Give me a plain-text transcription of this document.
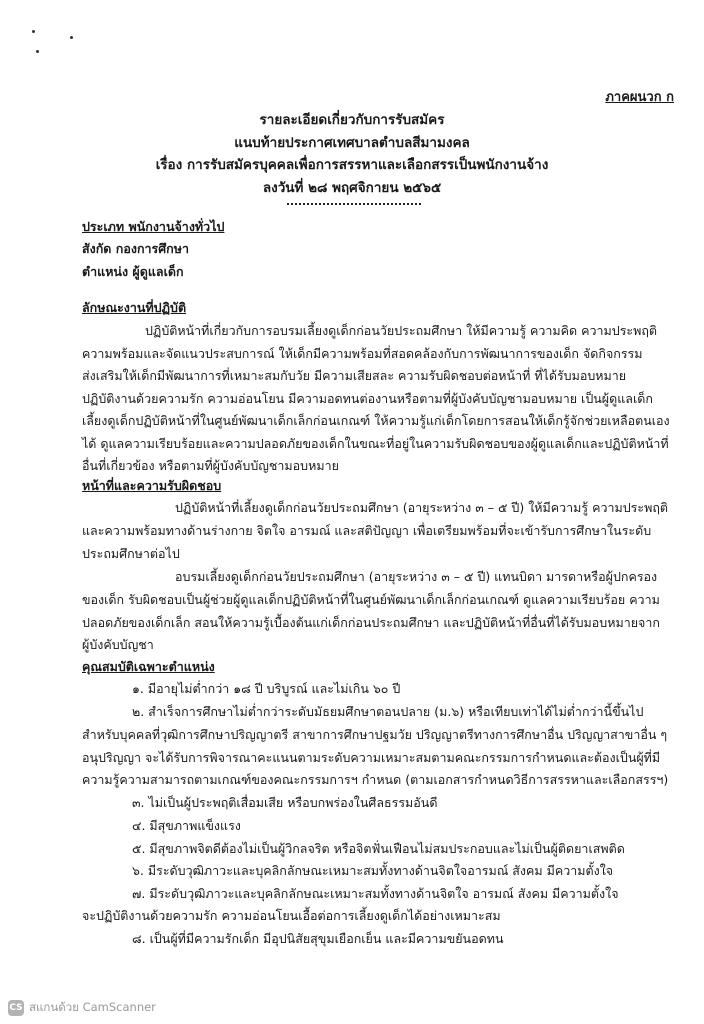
ภาคผนวก ก
รายละเอียดเกี่ยวกับการรับสมัคร
แนบท้ายประกาศเทศบาลตำบลสีมามงคล
เรื่อง การรับสมัครบุคคลเพื่อการสรรหาและเลือกสรรเป็นพนักงานจ้าง
ลงวันที่ ๒๘ พฤศจิกายน ๒๕๖๕
ประเภท พนักงานจ้างทั่วไป
สังกัด กองการศึกษา
ตำแหน่ง ผู้ดูแลเด็ก
ลักษณะงานที่ปฏิบัติ
ปฏิบัติหน้าที่เกี่ยวกับการอบรมเลี้ยงดูเด็กก่อนวัยประถมศึกษา ให้มีความรู้ ความคิด ความประพฤติ
ความพร้อมและจัดแนวประสบการณ์ ให้เด็กมีความพร้อมที่สอดคล้องกับการพัฒนาการของเด็ก จัดกิจกรรม
ส่งเสริมให้เด็กมีพัฒนาการที่เหมาะสมกับวัย มีความเสียสละ ความรับผิดชอบต่อหน้าที่ ที่ได้รับมอบหมาย
ปฏิบัติงานด้วยความรัก ความอ่อนโยน มีความอดทนต่องานหรือตามที่ผู้บังคับบัญชามอบหมาย เป็นผู้ดูแลเด็ก
เลี้ยงดูเด็กปฏิบัติหน้าที่ในศูนย์พัฒนาเด็กเล็กก่อนเกณฑ์ ให้ความรู้แก่เด็กโดยการสอนให้เด็กรู้จักช่วยเหลือตนเอง
ได้ ดูแลความเรียบร้อยและความปลอดภัยของเด็กในขณะที่อยู่ในความรับผิดชอบของผู้ดูแลเด็กและปฏิบัติหน้าที่
อื่นที่เกี่ยวข้อง หรือตามที่ผู้บังคับบัญชามอบหมาย
หน้าที่และความรับผิดชอบ
ปฏิบัติหน้าที่เลี้ยงดูเด็กก่อนวัยประถมศึกษา (อายุระหว่าง ๓ – ๕ ปี) ให้มีความรู้ ความประพฤติ
และความพร้อมทางด้านร่างกาย จิตใจ อารมณ์ และสติปัญญา เพื่อเตรียมพร้อมที่จะเข้ารับการศึกษาในระดับ
ประถมศึกษาต่อไป
อบรมเลี้ยงดูเด็กก่อนวัยประถมศึกษา (อายุระหว่าง ๓ – ๕ ปี) แทนบิดา มารดาหรือผู้ปกครอง
ของเด็ก รับผิดชอบเป็นผู้ช่วยผู้ดูแลเด็กปฏิบัติหน้าที่ในศูนย์พัฒนาเด็กเล็กก่อนเกณฑ์ ดูแลความเรียบร้อย ความ
ปลอดภัยของเด็กเล็ก สอนให้ความรู้เบื้องต้นแก่เด็กก่อนประถมศึกษา และปฏิบัติหน้าที่อื่นที่ได้รับมอบหมายจาก
ผู้บังคับบัญชา
คุณสมบัติเฉพาะตำแหน่ง
๑. มีอายุไม่ต่ำกว่า ๑๘ ปี บริบูรณ์ และไม่เกิน ๖๐ ปี
๒. สำเร็จการศึกษาไม่ต่ำกว่าระดับมัธยมศึกษาตอนปลาย (ม.๖) หรือเทียบเท่าได้ไม่ต่ำกว่านี้ขึ้นไป
สำหรับบุคคลที่วุฒิการศึกษาปริญญาตรี สาขาการศึกษาปฐมวัย ปริญญาตรีทางการศึกษาอื่น ปริญญาสาขาอื่น ๆ
อนุปริญญา จะได้รับการพิจารณาคะแนนตามระดับความเหมาะสมตามคณะกรรมการกำหนดและต้องเป็นผู้ที่มี
ความรู้ความสามารถตามเกณฑ์ของคณะกรรมการฯ กำหนด (ตามเอกสารกำหนดวิธีการสรรหาและเลือกสรรฯ)
๓. ไม่เป็นผู้ประพฤติเสื่อมเสีย หรือบกพร่องในศีลธรรมอันดี
๔. มีสุขภาพแข็งแรง
๕. มีสุขภาพจิตดีต้องไม่เป็นผู้วิกลจริต หรือจิตฟั่นเฟือนไม่สมประกอบและไม่เป็นผู้ติดยาเสพติด
๖. มีระดับวุฒิภาวะและบุคลิกลักษณะเหมาะสมทั้งทางด้านจิตใจอารมณ์ สังคม มีความตั้งใจ
๗. มีระดับวุฒิภาวะและบุคลิกลักษณะเหมาะสมทั้งทางด้านจิตใจ อารมณ์ สังคม มีความตั้งใจ
จะปฏิบัติงานด้วยความรัก ความอ่อนโยนเอื้อต่อการเลี้ยงดูเด็กได้อย่างเหมาะสม
๘. เป็นผู้ที่มีความรักเด็ก มีอุปนิสัยสุขุมเยือกเย็น และมีความขยันอดทน
CS สแกนด้วย CamScanner
